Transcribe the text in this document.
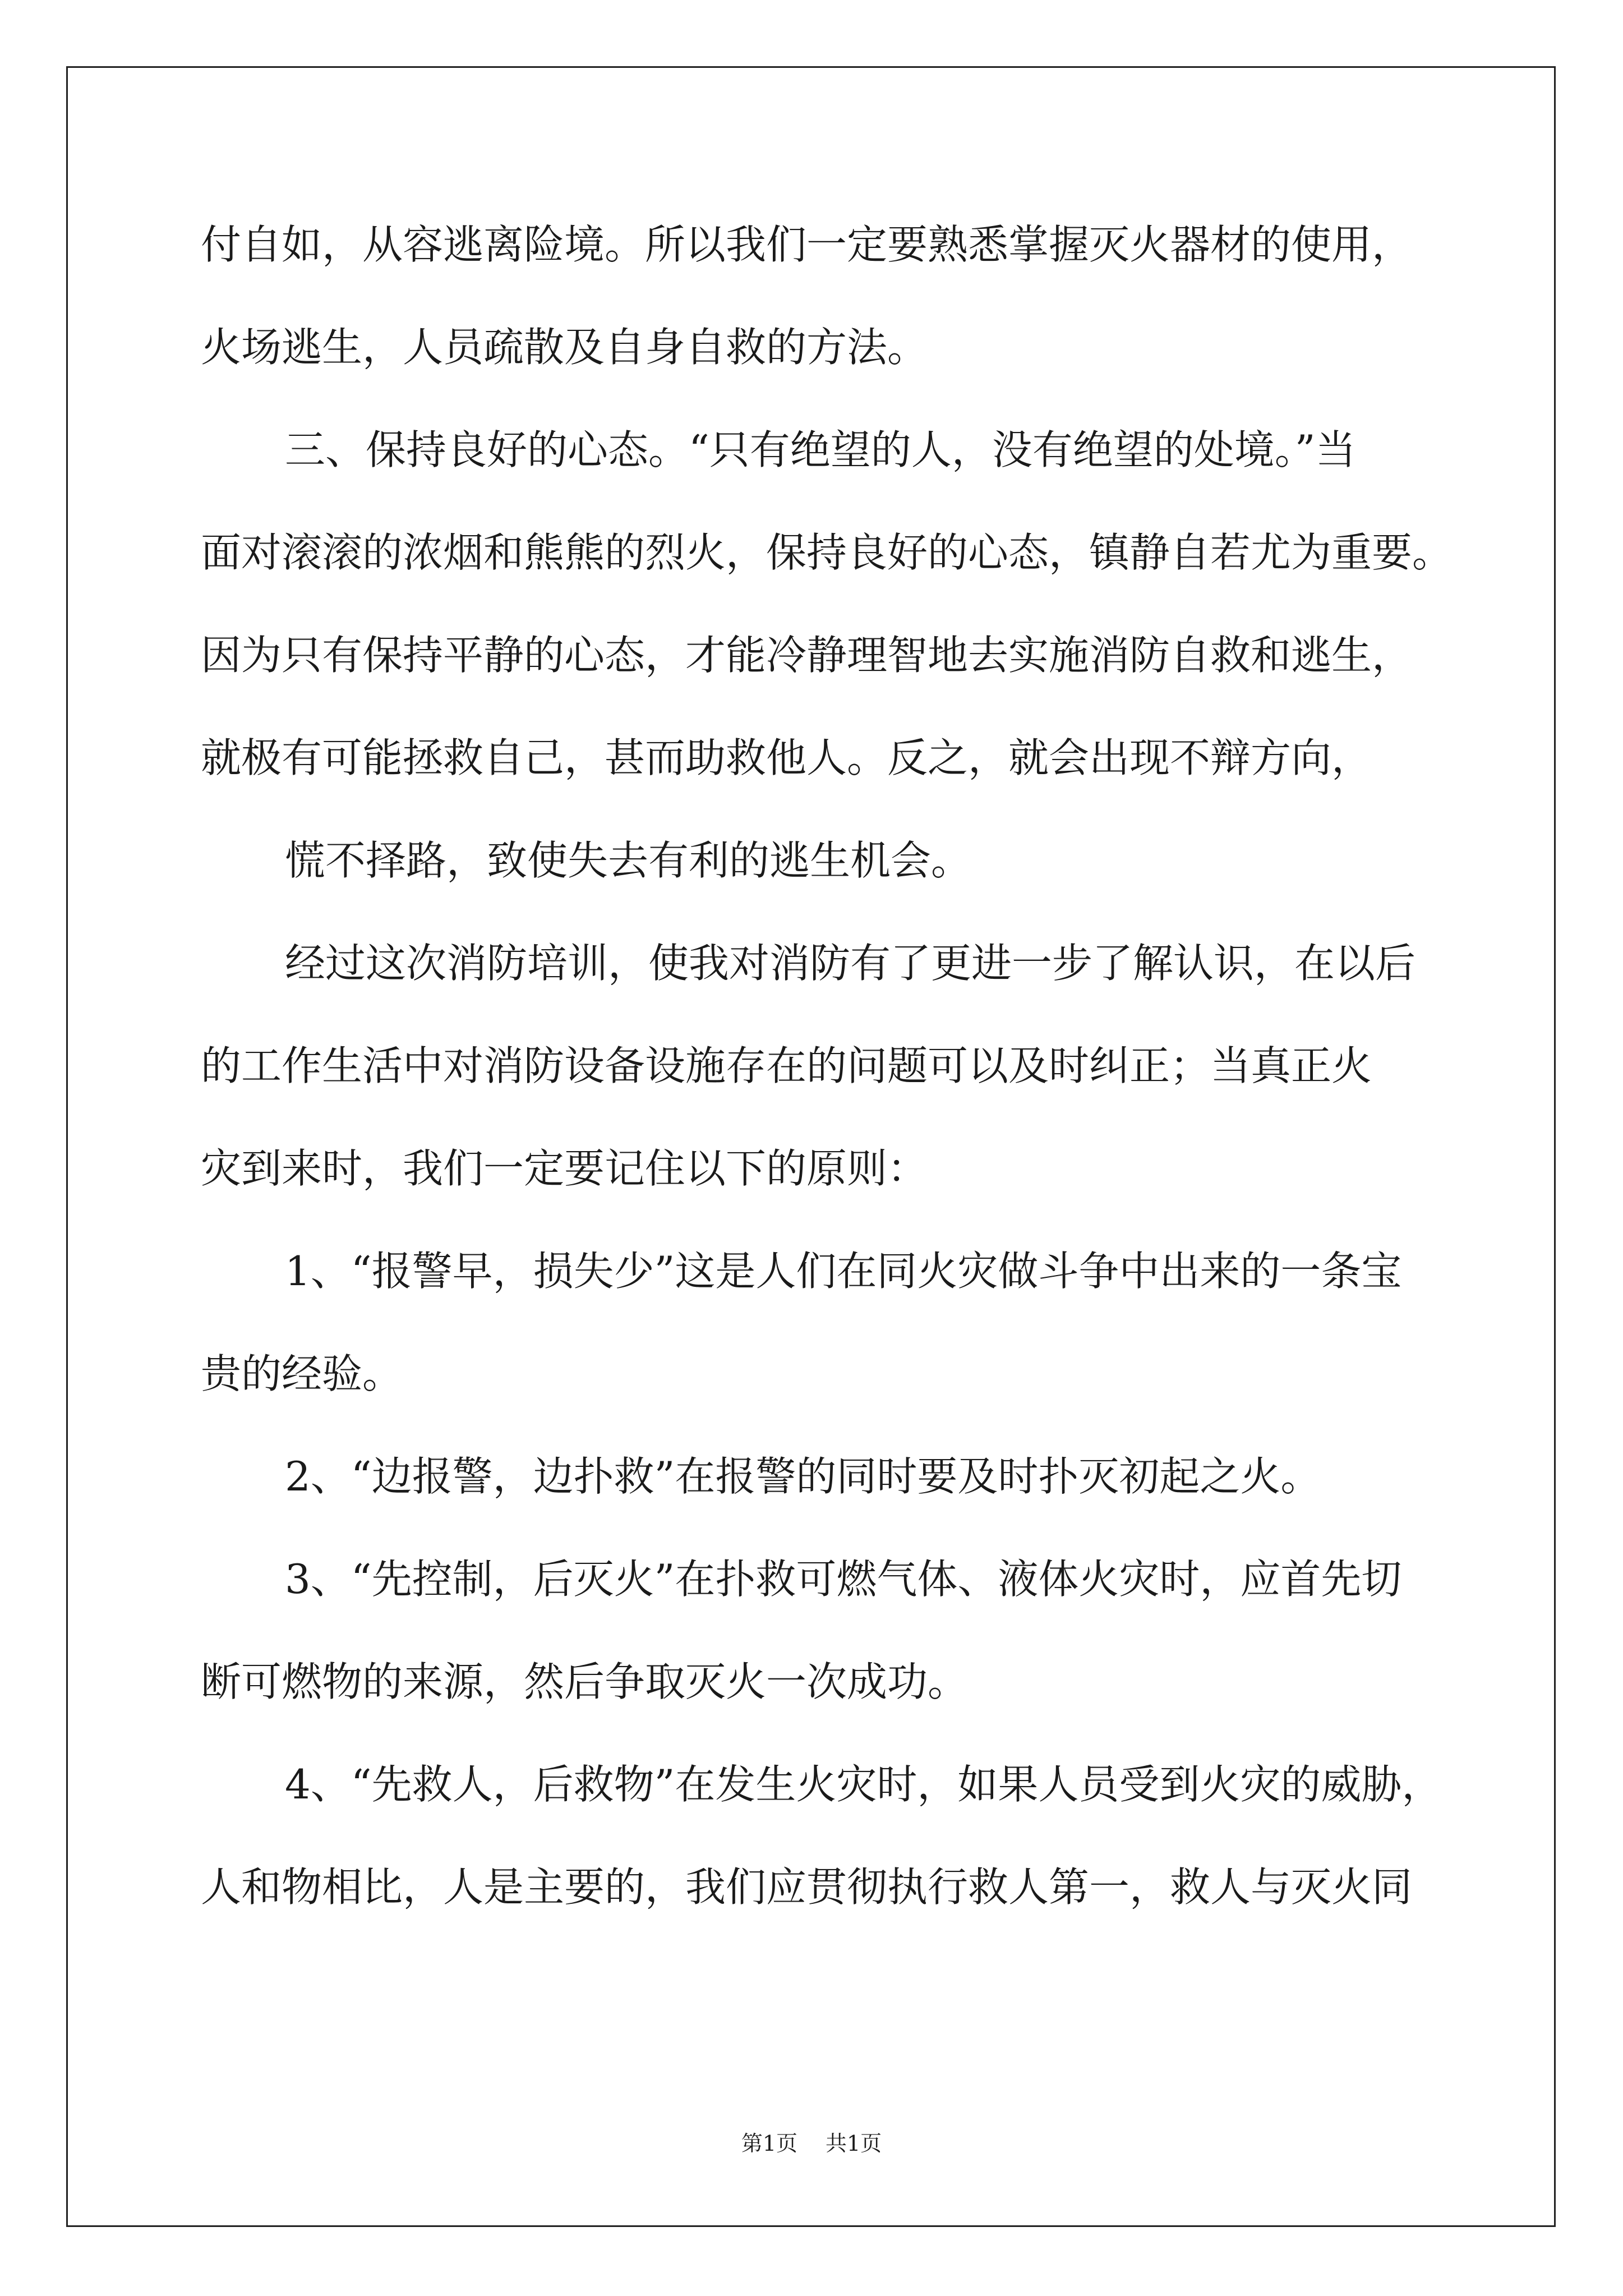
付自如，从容逃离险境。所以我们一定要熟悉掌握灭火器材的使用，
火场逃生，人员疏散及自身自救的方法。
三、保持良好的心态。“只有绝望的人，没有绝望的处境。”当
面对滚滚的浓烟和熊熊的烈火，保持良好的心态，镇静自若尤为重要。
因为只有保持平静的心态，才能冷静理智地去实施消防自救和逃生，
就极有可能拯救自己，甚而助救他人。反之，就会出现不辩方向，
慌不择路，致使失去有利的逃生机会。
经过这次消防培训，使我对消防有了更进一步了解认识，在以后
的工作生活中对消防设备设施存在的问题可以及时纠正；当真正火
灾到来时，我们一定要记住以下的原则：
1、“报警早，损失少”这是人们在同火灾做斗争中出来的一条宝
贵的经验。
2、“边报警，边扑救”在报警的同时要及时扑灭初起之火。
3、“先控制，后灭火”在扑救可燃气体、液体火灾时，应首先切
断可燃物的来源，然后争取灭火一次成功。
4、“先救人，后救物”在发生火灾时，如果人员受到火灾的威胁，
人和物相比，人是主要的，我们应贯彻执行救人第一，救人与灭火同
第1页 共1页
